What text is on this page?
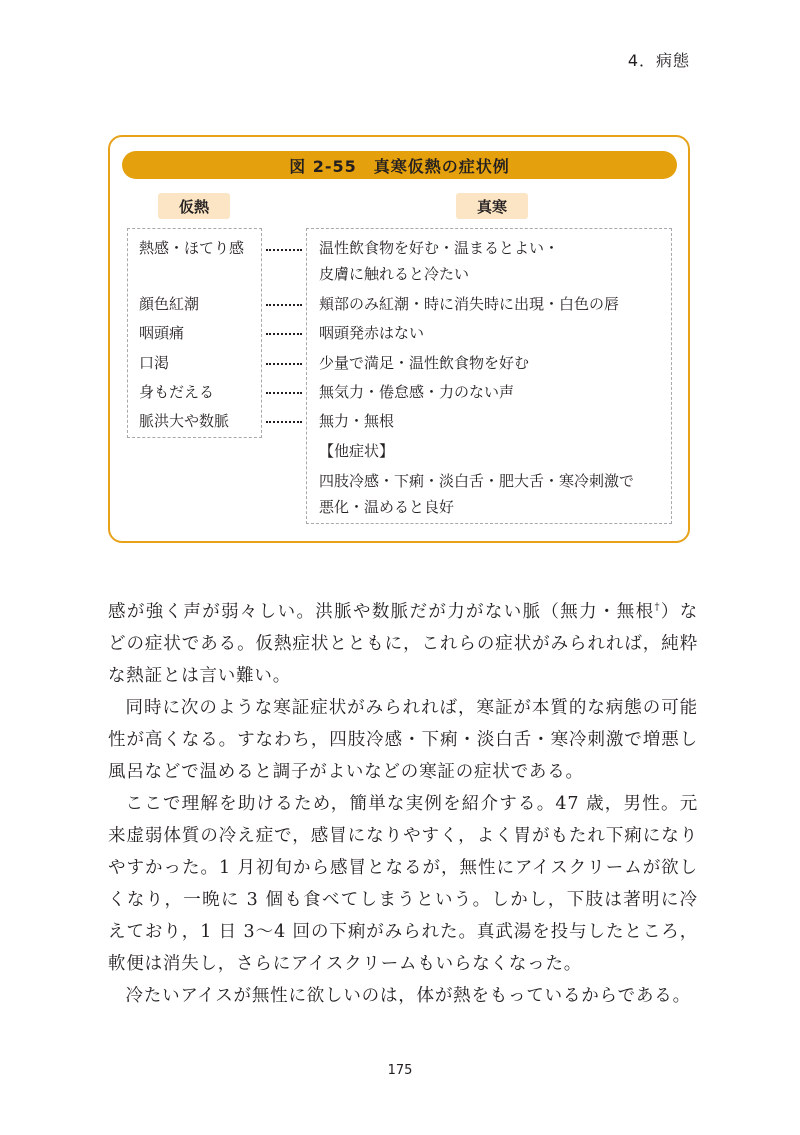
4．病態
図 2-55　真寒仮熱の症状例
仮熱	真寒
熱感・ほてり感
顔色紅潮
咽頭痛
口渇
身もだえる
脈洪大や数脈
温性飲食物を好む・温まるとよい・
皮膚に触れると冷たい
頬部のみ紅潮・時に消失時に出現・白色の唇
咽頭発赤はない
少量で満足・温性飲食物を好む
無気力・倦怠感・力のない声
無力・無根
【他症状】
四肢冷感・下痢・淡白舌・肥大舌・寒冷刺激で
悪化・温めると良好

感が強く声が弱々しい。洪脈や数脈だが力がない脈（無力・無根†）などの症状である。仮熱症状とともに，これらの症状がみられれば，純粋な熱証とは言い難い。

同時に次のような寒証症状がみられれば，寒証が本質的な病態の可能性が高くなる。すなわち，四肢冷感・下痢・淡白舌・寒冷刺激で増悪し風呂などで温めると調子がよいなどの寒証の症状である。

ここで理解を助けるため，簡単な実例を紹介する。47 歳，男性。元来虚弱体質の冷え症で，感冒になりやすく，よく胃がもたれ下痢になりやすかった。1 月初旬から感冒となるが，無性にアイスクリームが欲しくなり，一晩に 3 個も食べてしまうという。しかし，下肢は著明に冷えており，1 日 3〜4 回の下痢がみられた。真武湯を投与したところ，軟便は消失し，さらにアイスクリームもいらなくなった。

冷たいアイスが無性に欲しいのは，体が熱をもっているからである。

175
